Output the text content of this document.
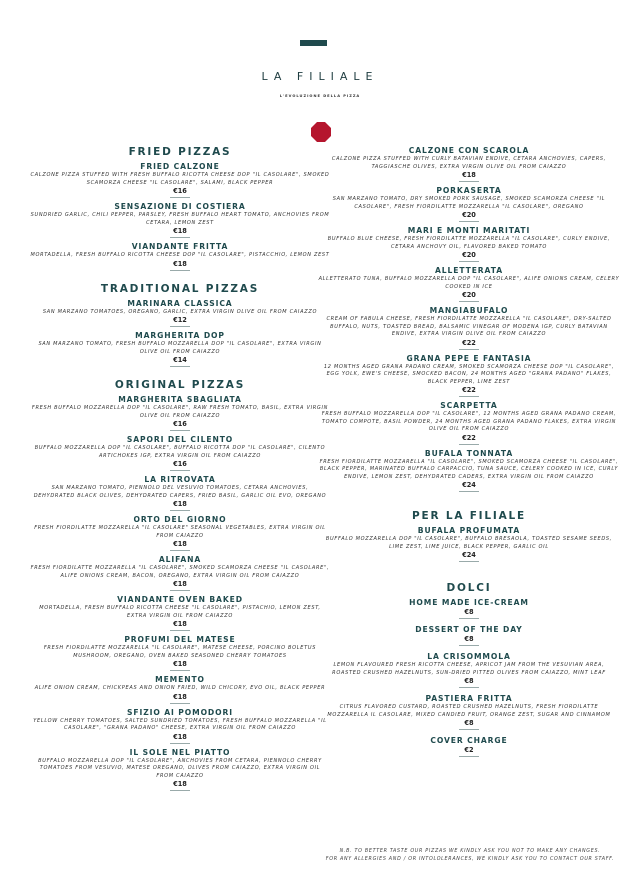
LA FILIALE
L'EVOLUZIONE DELLA PIZZA
FRIED PIZZAS
FRIED CALZONE
CALZONE PIZZA STUFFED WITH FRESH BUFFALO RICOTTA CHEESE DOP "IL CASOLARE", SMOKED SCAMORZA CHEESE "IL CASOLARE", SALAMI, BLACK PEPPER
€16
SENSAZIONE DI COSTIERA
SUNDRIED GARLIC, CHILI PEPPER, PARSLEY, FRESH BUFFALO HEART TOMATO, ANCHOVIES FROM CETARA, LEMON ZEST
€18
VIANDANTE FRITTA
MORTADELLA, FRESH BUFFALO RICOTTA CHEESE DOP "IL CASOLARE", PISTACCHIO, LEMON ZEST
€18
TRADITIONAL PIZZAS
MARINARA CLASSICA
SAN MARZANO TOMATOES, OREGANO, GARLIC, EXTRA VIRGIN OLIVE OIL FROM CAIAZZO
€12
MARGHERITA DOP
SAN MARZANO TOMATO, FRESH BUFFALO MOZZARELLA DOP "IL CASOLARE", EXTRA VIRGIN OLIVE OIL FROM CAIAZZO
€14
ORIGINAL PIZZAS
MARGHERITA SBAGLIATA
FRESH BUFFALO MOZZARELLA DOP "IL CASOLARE", RAW FRESH TOMATO, BASIL, EXTRA VIRGIN OLIVE OIL FROM CAIAZZO
€16
SAPORI DEL CILENTO
BUFFALO MOZZARELLA DOP "IL CASOLARE", BUFFALO RICOTTA DOP "IL CASOLARE", CILENTO ARTICHOKES IGP, EXTRA VIRGIN OIL FROM CAIAZZO
€16
LA RITROVATA
SAN MARZANO TOMATO, PIENNOLO DEL VESUVIO TOMATOES, CETARA ANCHOVIES, DEHYDRATED BLACK OLIVES, DEHYDRATED CAPERS, FRIED BASIL, GARLIC OIL EVO, OREGANO
€18
ORTO DEL GIORNO
FRESH FIORDILATTE MOZZARELLA "IL CASOLARE" SEASONAL VEGETABLES, EXTRA VIRGIN OIL FROM CAIAZZO
€18
ALIFANA
FRESH FIORDILATTE MOZZARELLA "IL CASOLARE", SMOKED SCAMORZA CHEESE "IL CASOLARE", ALIFE ONIONS CREAM, BACON, OREGANO, EXTRA VIRGIN OIL FROM CAIAZZO
€18
VIANDANTE OVEN BAKED
MORTADELLA, FRESH BUFFALO RICOTTA CHEESE "IL CASOLARE", PISTACHIO, LEMON ZEST, EXTRA VIRGIN OIL FROM CAIAZZO
€18
PROFUMI DEL MATESE
FRESH FIORDILATTE MOZZARELLA "IL CASOLARE", MATESE CHEESE, PORCINO BOLETUS MUSHROOM, OREGANO, OVEN BAKED SEASONED CHERRY TOMATOES
€18
MEMENTO
ALIFE ONION CREAM, CHICKPEAS AND ONION FRIED, WILD CHICORY, EVO OIL, BLACK PEPPER
€18
SFIZIO AI POMODORI
YELLOW CHERRY TOMATOES, SALTED SUNDRIED TOMATOES, FRESH BUFFALO MOZZARELLA "IL CASOLARE", "GRANA PADANO" CHEESE, EXTRA VIRGIN OIL FROM CAIAZZO
€18
IL SOLE NEL PIATTO
BUFFALO MOZZARELLA DOP "IL CASOLARE", ANCHOVIES FROM CETARA, PIENNOLO CHERRY TOMATOES FROM VESUVIO, MATESE OREGANO, OLIVES FROM CAIAZZO, EXTRA VIRGIN OIL FROM CAIAZZO
€18
CALZONE CON SCAROLA
CALZONE PIZZA STUFFED WITH CURLY BATAVIAN ENDIVE, CETARA ANCHOVIES, CAPERS, TAGGIASCHE OLIVES, EXTRA VIRGIN OLIVE OIL FROM CAIAZZO
€18
PORKASERTA
SAN MARZANO TOMATO, DRY SMOKED PORK SAUSAGE, SMOKED SCAMORZA CHEESE "IL CASOLARE", FRESH FIORDILATTE MOZZARELLA "IL CASOLARE", OREGANO
€20
MARI E MONTI MARITATI
BUFFALO BLUE CHEESE, FRESH FIORDILATTE MOZZARELLA "IL CASOLARE", CURLY ENDIVE, CETARA ANCHOVY OIL, FLAVORED BAKED TOMATO
€20
ALLETTERATA
ALLETTERATO TUNA, BUFFALO MOZZARELLA DOP "IL CASOLARE", ALIFE ONIONS CREAM, CELERY COOKED IN ICE
€20
MANGIABUFALO
CREAM OF FABULA CHEESE, FRESH FIORDILATTE MOZZARELLA "IL CASOLARE", DRY-SALTED BUFFALO, NUTS, TOASTED BREAD, BALSAMIC VINEGAR OF MODENA IGP, CURLY BATAVIAN ENDIVE, EXTRA VIRGIN OLIVE OIL FROM CAIAZZO
€22
GRANA PEPE E FANTASIA
12 MONTHS AGED GRANA PADANO CREAM, SMOKED SCAMORZA CHEESE DOP "IL CASOLARE", EGG YOLK, EWE'S CHEESE, SMOCKED BACON, 24 MONTHS AGED "GRANA PADANO" FLAKES, BLACK PEPPER, LIME ZEST
€22
SCARPETTA
FRESH BUFFALO MOZZARELLA DOP "IL CASOLARE", 12 MONTHS AGED GRANA PADANO CREAM, TOMATO COMPOTE, BASIL POWDER, 24 MONTHS AGED GRANA PADANO FLAKES, EXTRA VIRGIN OLIVE OIL FROM CAIAZZO
€22
BUFALA TONNATA
FRESH FIORDILATTE MOZZARELLA "IL CASOLARE", SMOKED SCAMORZA CHEESE "IL CASOLARE", BLACK PEPPER, MARINATED BUFFALO CARPACCIO, TUNA SAUCE, CELERY COOKED IN ICE, CURLY ENDIVE, LEMON ZEST, DEHYDRATED CADERS, EXTRA VIRGIN OIL FROM CAIAZZO
€24
PER LA FILIALE
BUFALA PROFUMATA
BUFFALO MOZZARELLA DOP "IL CASOLARE", BUFFALO BRESAOLA, TOASTED SESAME SEEDS, LIME ZEST, LIME JUICE, BLACK PEPPER, GARLIC OIL
€24
DOLCI
HOME MADE ICE-CREAM
€8
DESSERT OF THE DAY
€8
LA CRISOMMOLA
LEMON FLAVOURED FRESH RICOTTA CHEESE, APRICOT JAM FROM THE VESUVIAN AREA, ROASTED CRUSHED HAZELNUTS, SUN-DRIED PITTED OLIVES FROM CAIAZZO, MINT LEAF
€8
PASTIERA FRITTA
CITRUS FLAVORED CUSTARD, ROASTED CRUSHED HAZELNUTS, FRESH FIORDILATTE MOZZARELLA IL CASOLARE, MIXED CANDIED FRUIT, ORANGE ZEST, SUGAR AND CINNAMOM
€8
COVER CHARGE
€2
N.B. TO BETTER TASTE OUR PIZZAS WE KINDLY ASK YOU NOT TO MAKE ANY CHANGES.
FOR ANY ALLERGIES AND / OR INTOLOLERANCES, WE KINDLY ASK YOU TO CONTACT OUR STAFF.
